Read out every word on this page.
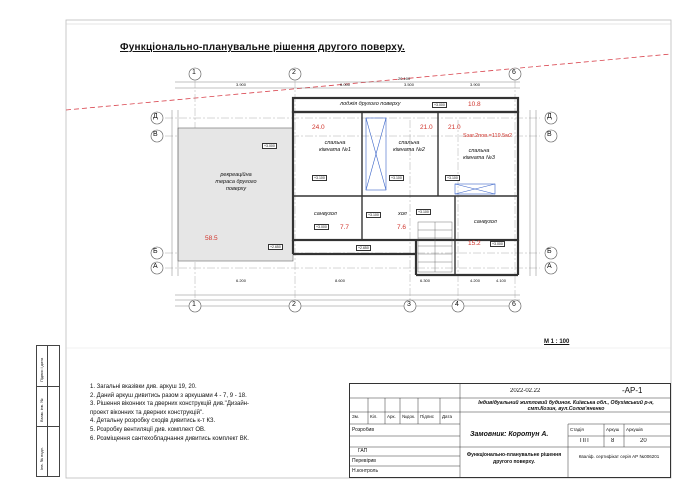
Функціонально-планувальне рішення другого поверху.
1	2	6
1	2	3	4	6
Д
В
Б
А
Д
В
Б
А
3.900	6.000	3.500	3.900
20.100
6.200	8.600	6.300	4.200	4.100
лоджія другого поверху	10.8
24.0
спальна кімната №1
21.0
спальна кімната №2
21.0
Sзаг.2пов.=119.5м2
спальна кімната №3
рекреаційна тераса другого поверху
58.5
санвузол
7.7
хол
7.6
санвузол
15.2
+3.000
+3.000
+3.100	+3.100	+3.100
+3.100
+3.000
+2.650
+2.650
+3.100
+3.000
М 1 : 100
Підпис і дата
Взам. інв. №
Інв. № подл.
1. Загальні вказівки див. аркуш 19, 20.
2. Даний аркуш дивитись разом з аркушами 4 - 7, 9 - 18.
3. Рішення віконних та дверних конструкцій див."Дизайн-
проект віконних та дверних конструкцій".
4. Детальну розробку сходів дивитись к-т КЗ.
5. Розробку вентиляції див. комплект ОВ.
6. Розміщення сантехобладнання дивитись комплект ВК.
2022-02.22	-АР-1
Індивідуальний житловий будинок. Київська обл., Обухівський р-н, смт.Козин, вул.Солов'яненко
Зм. Кіл. Арк. №док. Підпис Дата
Замовник: Коротун А.
Стадія	Аркуш Аркушів
ПП	8	20
Розробив
ГАП
Перевірив
Н.контроль
Функціонально-планувальне рішення другого поверху.
Кваліф. сертифікат серія АР №006201
